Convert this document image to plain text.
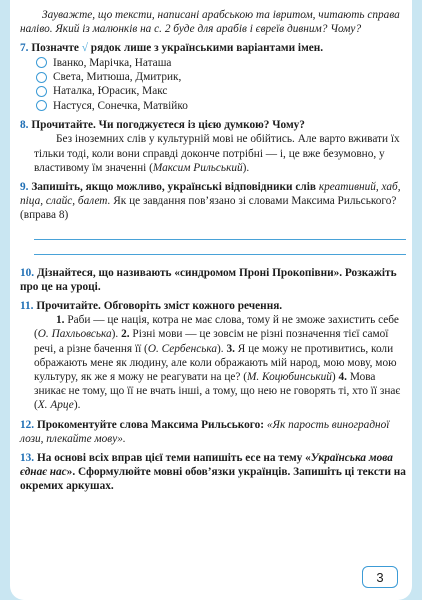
Зауважте, що тексти, написані арабською та івритом, читають справа наліво. Який із малюнків на с. 2 буде для арабів і євреїв дивним? Чому?

7. Позначте √ рядок лише з українськими варіантами імен.

Іванко, Марічка, Наташа
Света, Митюша, Дмитрик,
Наталка, Юрасик, Макс
Настуся, Сонечка, Матвійко

8. Прочитайте. Чи погоджуєтеся із цією думкою? Чому?

Без іноземних слів у культурній мові не обійтись. Але варто вживати їх тільки тоді, коли вони справді доконче потрібні — і, це вже безумовно, у властивому їм значенні (Максим Рильський).

9. Запишіть, якщо можливо, українські відповідники слів креативний, хаб, піца, слайс, балет. Як це завдання пов’язано зі словами Максима Рильського? (вправа 8)

10. Дізнайтеся, що називають «синдромом Проні Прокопівни». Розкажіть про це на уроці.

11. Прочитайте. Обговоріть зміст кожного речення.

1. Раби — це нація, котра не має слова, тому й не зможе захистить себе (О. Пахльовська). 2. Різні мови — це зовсім не різні позначення тієї самої речі, а різне бачення її (О. Сербенська). 3. Я це можу не противитись, коли ображають мене як людину, але коли ображають мій народ, мою мову, мою культуру, як же я можу не реагувати на це? (М. Коцюбинський) 4. Мова зникає не тому, що її не вчать інші, а тому, що нею не говорять ті, хто її знає (Х. Арце).

12. Прокоментуйте слова Максима Рильського: «Як парость виноградної лози, плекайте мову».

13. На основі всіх вправ цієї теми напишіть есе на тему «Українська мова єднає нас». Сформулюйте мовні обов’язки українців. Запишіть ці тексти на окремих аркушах.

3
